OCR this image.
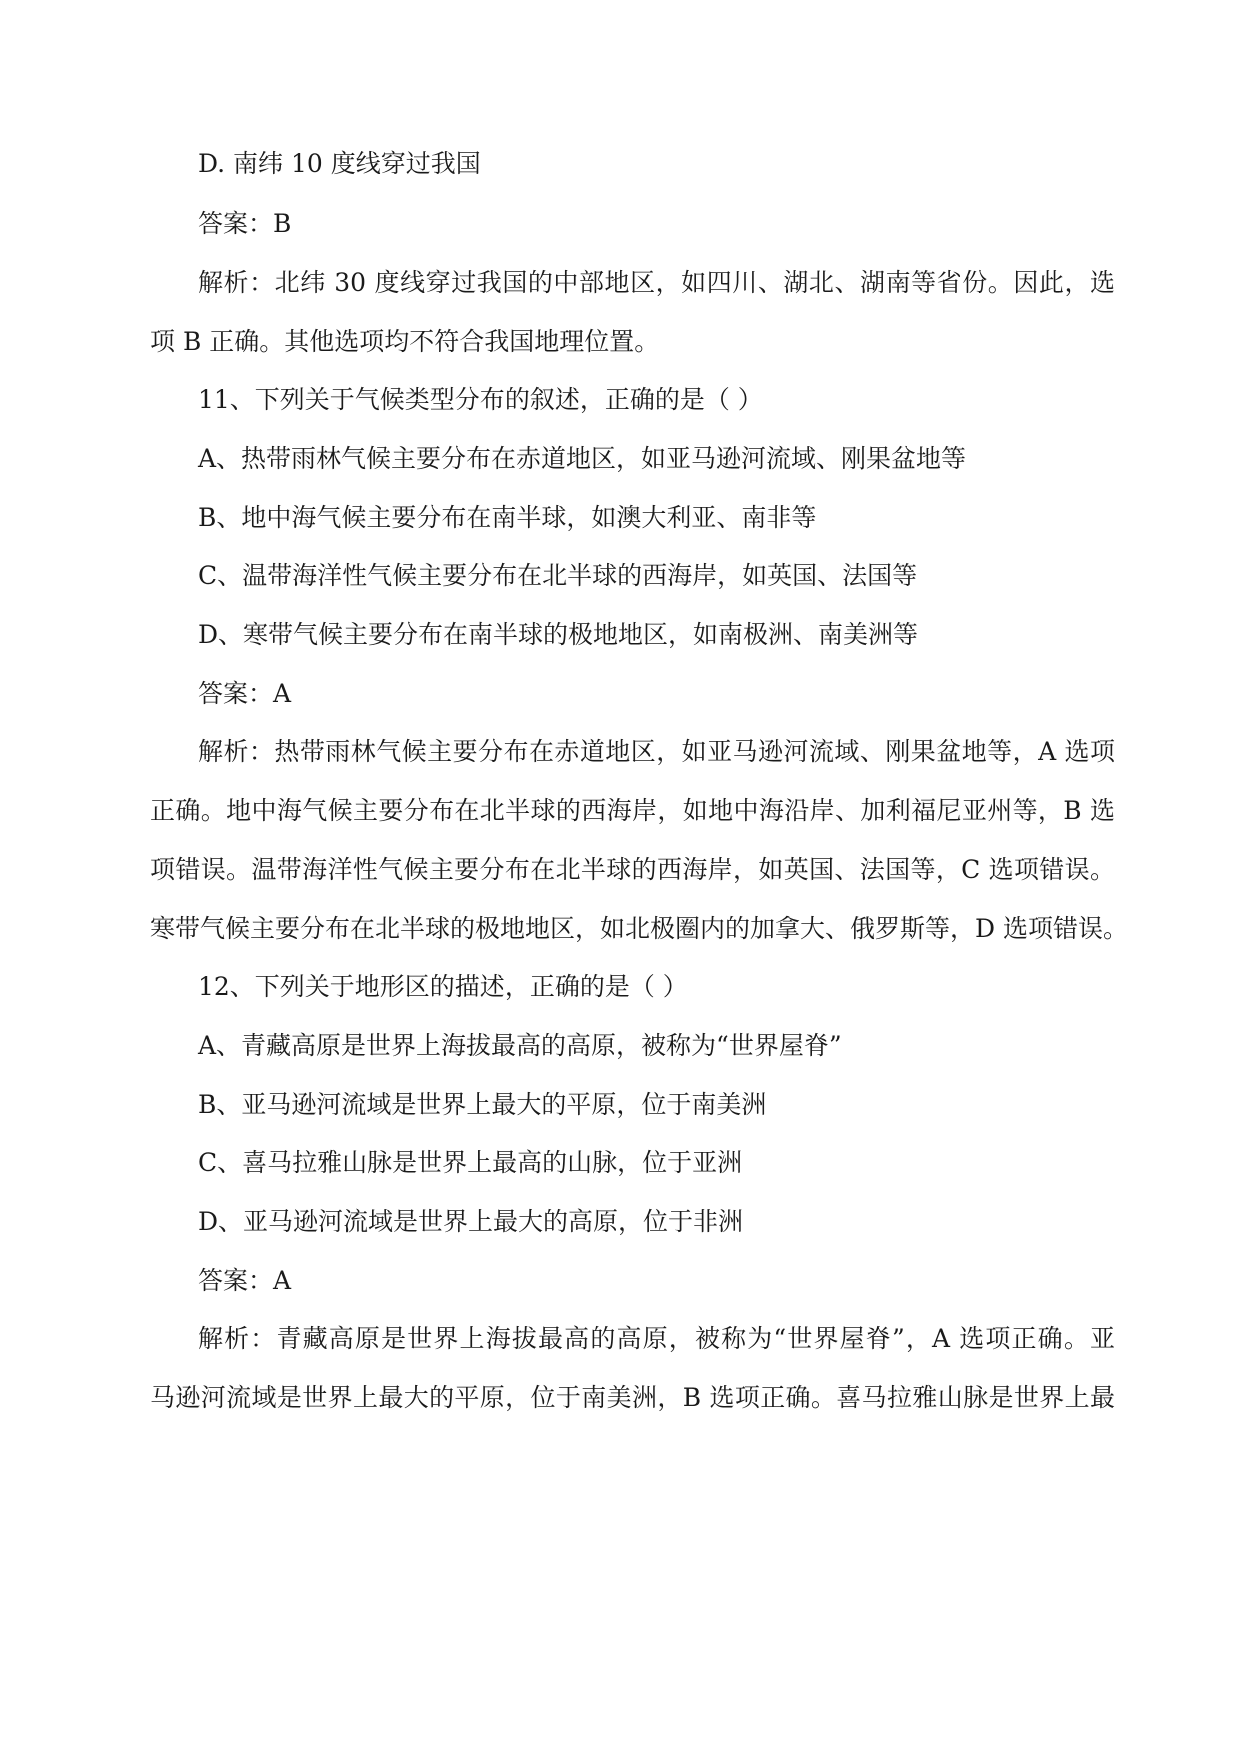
D. 南纬 10 度线穿过我国
答案：B
解析：北纬 30 度线穿过我国的中部地区，如四川、湖北、湖南等省份。因此，选
项 B 正确。其他选项均不符合我国地理位置。
11、下列关于气候类型分布的叙述，正确的是（ ）
A、热带雨林气候主要分布在赤道地区，如亚马逊河流域、刚果盆地等
B、地中海气候主要分布在南半球，如澳大利亚、南非等
C、温带海洋性气候主要分布在北半球的西海岸，如英国、法国等
D、寒带气候主要分布在南半球的极地地区，如南极洲、南美洲等
答案：A
解析：热带雨林气候主要分布在赤道地区，如亚马逊河流域、刚果盆地等，A 选项
正确。地中海气候主要分布在北半球的西海岸，如地中海沿岸、加利福尼亚州等，B 选
项错误。温带海洋性气候主要分布在北半球的西海岸，如英国、法国等，C 选项错误。
寒带气候主要分布在北半球的极地地区，如北极圈内的加拿大、俄罗斯等，D 选项错误。
12、下列关于地形区的描述，正确的是（ ）
A、青藏高原是世界上海拔最高的高原，被称为“世界屋脊”
B、亚马逊河流域是世界上最大的平原，位于南美洲
C、喜马拉雅山脉是世界上最高的山脉，位于亚洲
D、亚马逊河流域是世界上最大的高原，位于非洲
答案：A
解析：青藏高原是世界上海拔最高的高原，被称为“世界屋脊”，A 选项正确。亚
马逊河流域是世界上最大的平原，位于南美洲，B 选项正确。喜马拉雅山脉是世界上最
